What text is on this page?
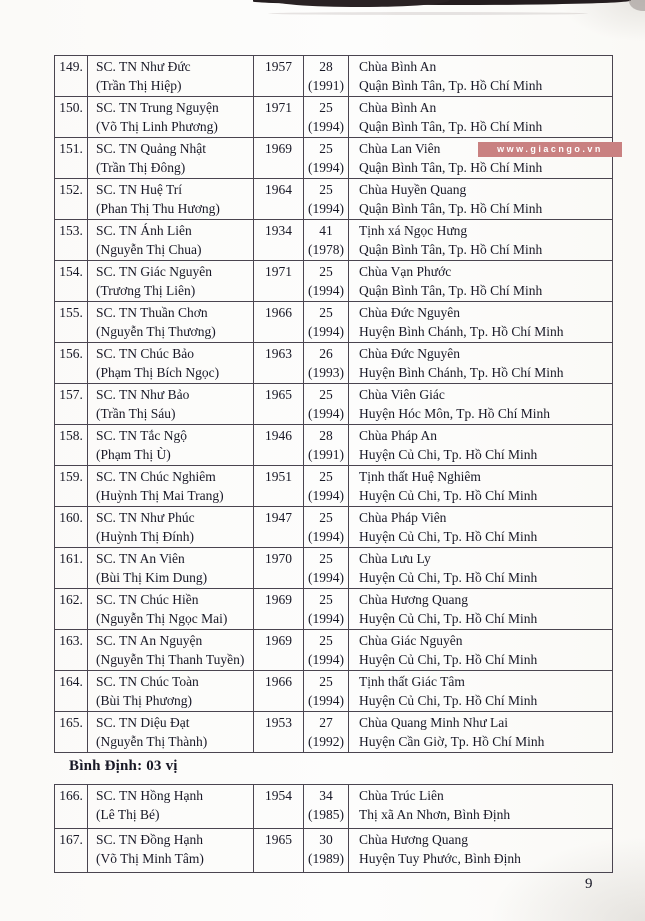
149.	SC. TN Như Đức
(Trần Thị Hiệp)
	1957	28
(1991)

Chùa Bình An
Quận Bình Tân, Tp. Hồ Chí Minh

150.	SC. TN Trung Nguyện
(Võ Thị Linh Phương)
	1971	25
(1994)

Chùa Bình An
Quận Bình Tân, Tp. Hồ Chí Minh

151.	SC. TN Quảng Nhật
(Trần Thị Đông)
	1969	25
(1994)

Chùa Lan Viên
Quận Bình Tân, Tp. Hồ Chí Minh

152.	SC. TN Huệ Trí
(Phan Thị Thu Hương)
	1964	25
(1994)

Chùa Huyền Quang
Quận Bình Tân, Tp. Hồ Chí Minh

153.	SC. TN Ánh Liên
(Nguyễn Thị Chua)
	1934	41
(1978)

Tịnh xá Ngọc Hưng
Quận Bình Tân, Tp. Hồ Chí Minh

154.	SC. TN Giác Nguyên
(Trương Thị Liên)
	1971	25
(1994)

Chùa Vạn Phước
Quận Bình Tân, Tp. Hồ Chí Minh

155.	SC. TN Thuần Chơn
(Nguyễn Thị Thương)
	1966	25
(1994)

Chùa Đức Nguyên
Huyện Bình Chánh, Tp. Hồ Chí Minh

156.	SC. TN Chúc Bảo
(Phạm Thị Bích Ngọc)
	1963	26
(1993)

Chùa Đức Nguyên
Huyện Bình Chánh, Tp. Hồ Chí Minh

157.	SC. TN Như Bảo
(Trần Thị Sáu)
	1965	25
(1994)

Chùa Viên Giác
Huyện Hóc Môn, Tp. Hồ Chí Minh

158.	SC. TN Tắc Ngộ
(Phạm Thị Ù)
	1946	28
(1991)

Chùa Pháp An
Huyện Củ Chi, Tp. Hồ Chí Minh

159.	SC. TN Chúc Nghiêm
(Huỳnh Thị Mai Trang)
	1951	25
(1994)

Tịnh thất Huệ Nghiêm
Huyện Củ Chi, Tp. Hồ Chí Minh

160.	SC. TN Như Phúc
(Huỳnh Thị Đính)
	1947	25
(1994)

Chùa Pháp Viên
Huyện Củ Chi, Tp. Hồ Chí Minh

161.	SC. TN An Viên
(Bùi Thị Kim Dung)
	1970	25
(1994)

Chùa Lưu Ly
Huyện Củ Chi, Tp. Hồ Chí Minh

162.	SC. TN Chúc Hiền
(Nguyễn Thị Ngọc Mai)
	1969	25
(1994)

Chùa Hương Quang
Huyện Củ Chi, Tp. Hồ Chí Minh

163.	SC. TN An Nguyện
(Nguyễn Thị Thanh Tuyền)
	1969	25
(1994)

Chùa Giác Nguyên
Huyện Củ Chi, Tp. Hồ Chí Minh

164.	SC. TN Chúc Toàn
(Bùi Thị Phương)
	1966	25
(1994)

Tịnh thất Giác Tâm
Huyện Củ Chi, Tp. Hồ Chí Minh

165.	SC. TN Diệu Đạt
(Nguyễn Thị Thành)
	1953	27
(1992)

Chùa Quang Minh Như Lai
Huyện Cần Giờ, Tp. Hồ Chí Minh
www.giacngo.vn
Bình Định: 03 vị
166.	SC. TN Hồng Hạnh
(Lê Thị Bé)
	1954	34
(1985)

Chùa Trúc Liên
Thị xã An Nhơn, Bình Định

167.	SC. TN Đồng Hạnh
(Võ Thị Minh Tâm)
	1965	30
(1989)

Chùa Hương Quang
Huyện Tuy Phước, Bình Định
9
